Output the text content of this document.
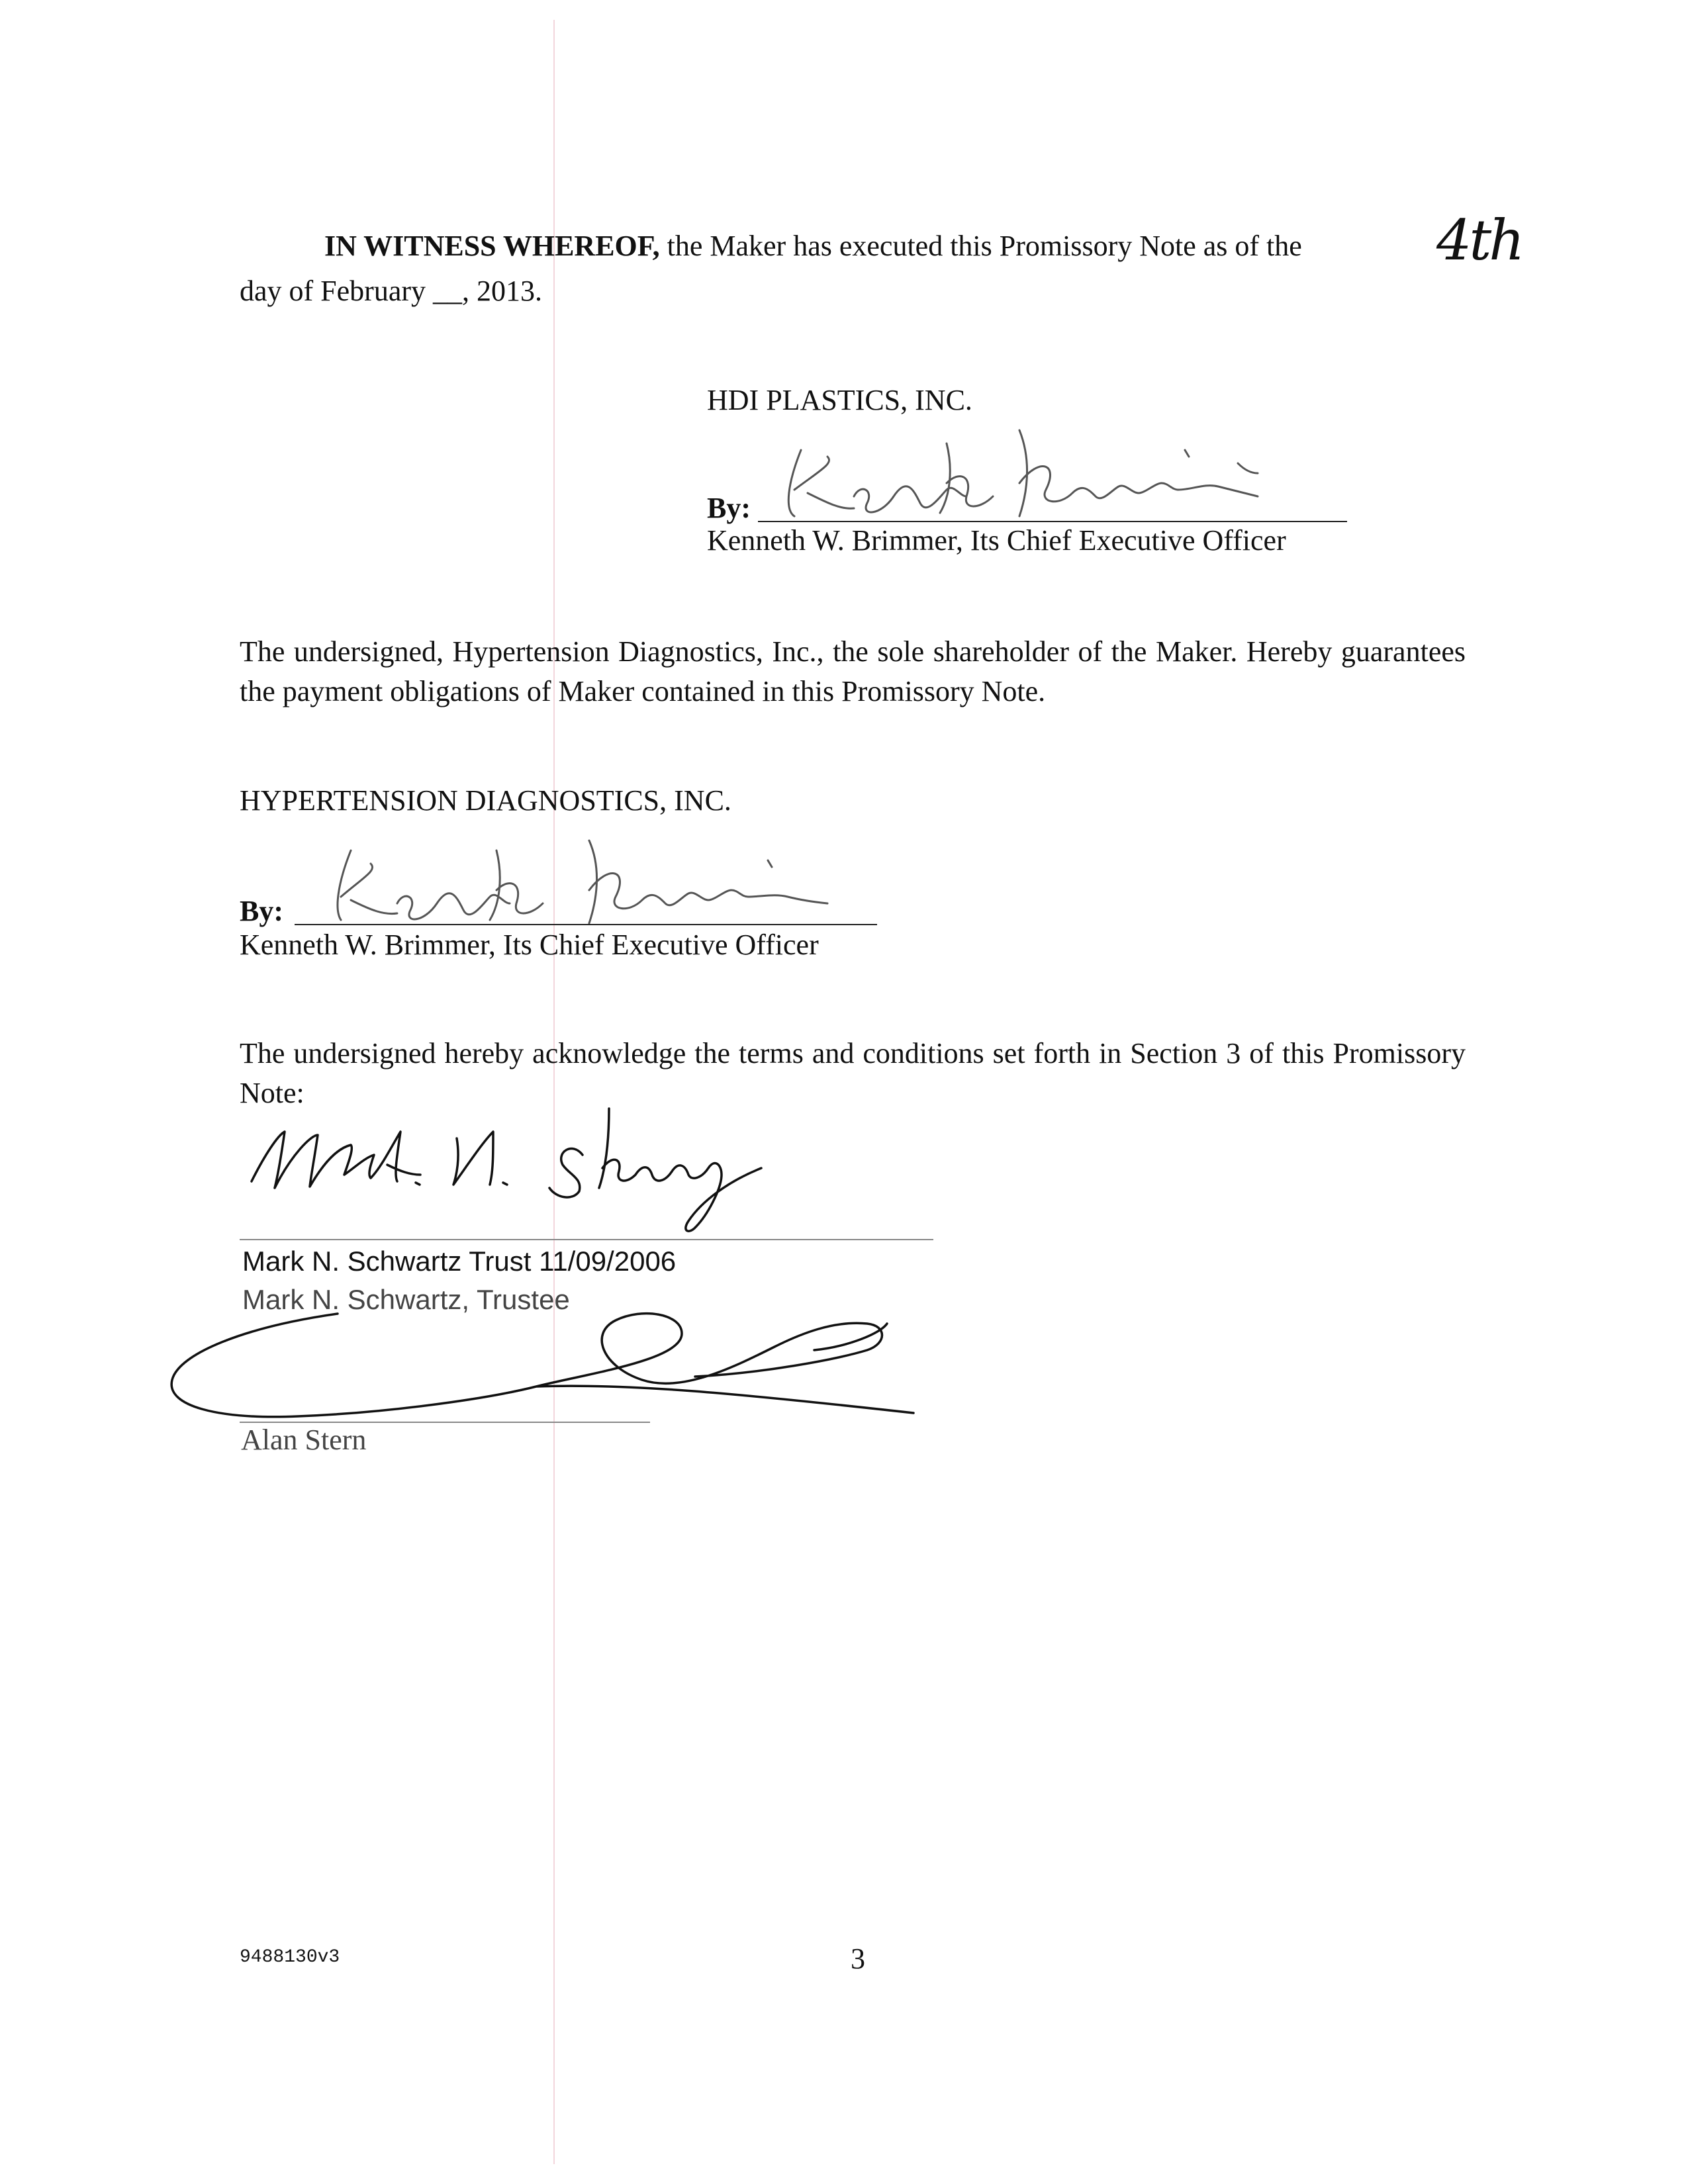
IN WITNESS WHEREOF, the Maker has executed this Promissory Note as of the	4th
day of February __, 2013.
HDI PLASTICS, INC.
By:
Kenneth W. Brimmer, Its Chief Executive Officer
The undersigned, Hypertension Diagnostics, Inc., the sole shareholder of the Maker. Hereby guarantees the payment obligations of Maker contained in this Promissory Note.
HYPERTENSION DIAGNOSTICS, INC.
By:
Kenneth W. Brimmer, Its Chief Executive Officer
The undersigned hereby acknowledge the terms and conditions set forth in Section 3 of this Promissory Note:
Mark N. Schwartz Trust 11/09/2006
Mark N. Schwartz, Trustee
Alan Stern
9488130v3	3
